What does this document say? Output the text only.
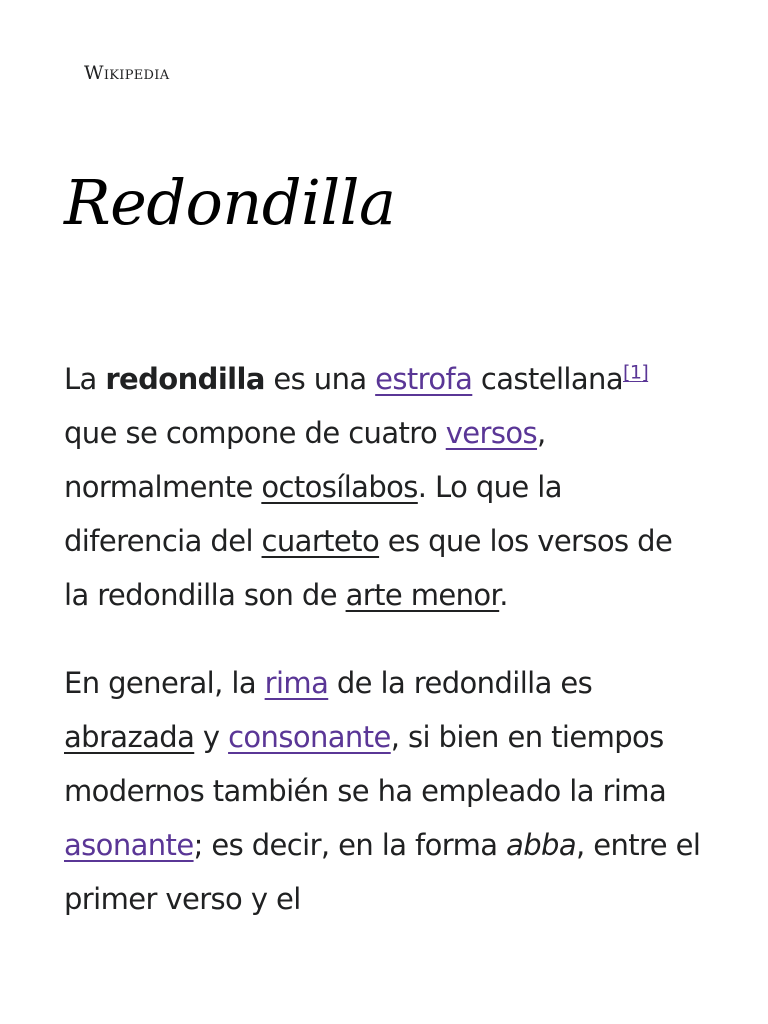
Wikipedia
Redondilla

La redondilla es una estrofa castellana[1] que se compone de cuatro versos, normalmente octosílabos. Lo que la diferencia del cuarteto es que los versos de la redondilla son de arte menor.

En general, la rima de la redondilla es abrazada y consonante, si bien en tiempos modernos también se ha empleado la rima asonante; es decir, en la forma abba, entre el primer verso y el
